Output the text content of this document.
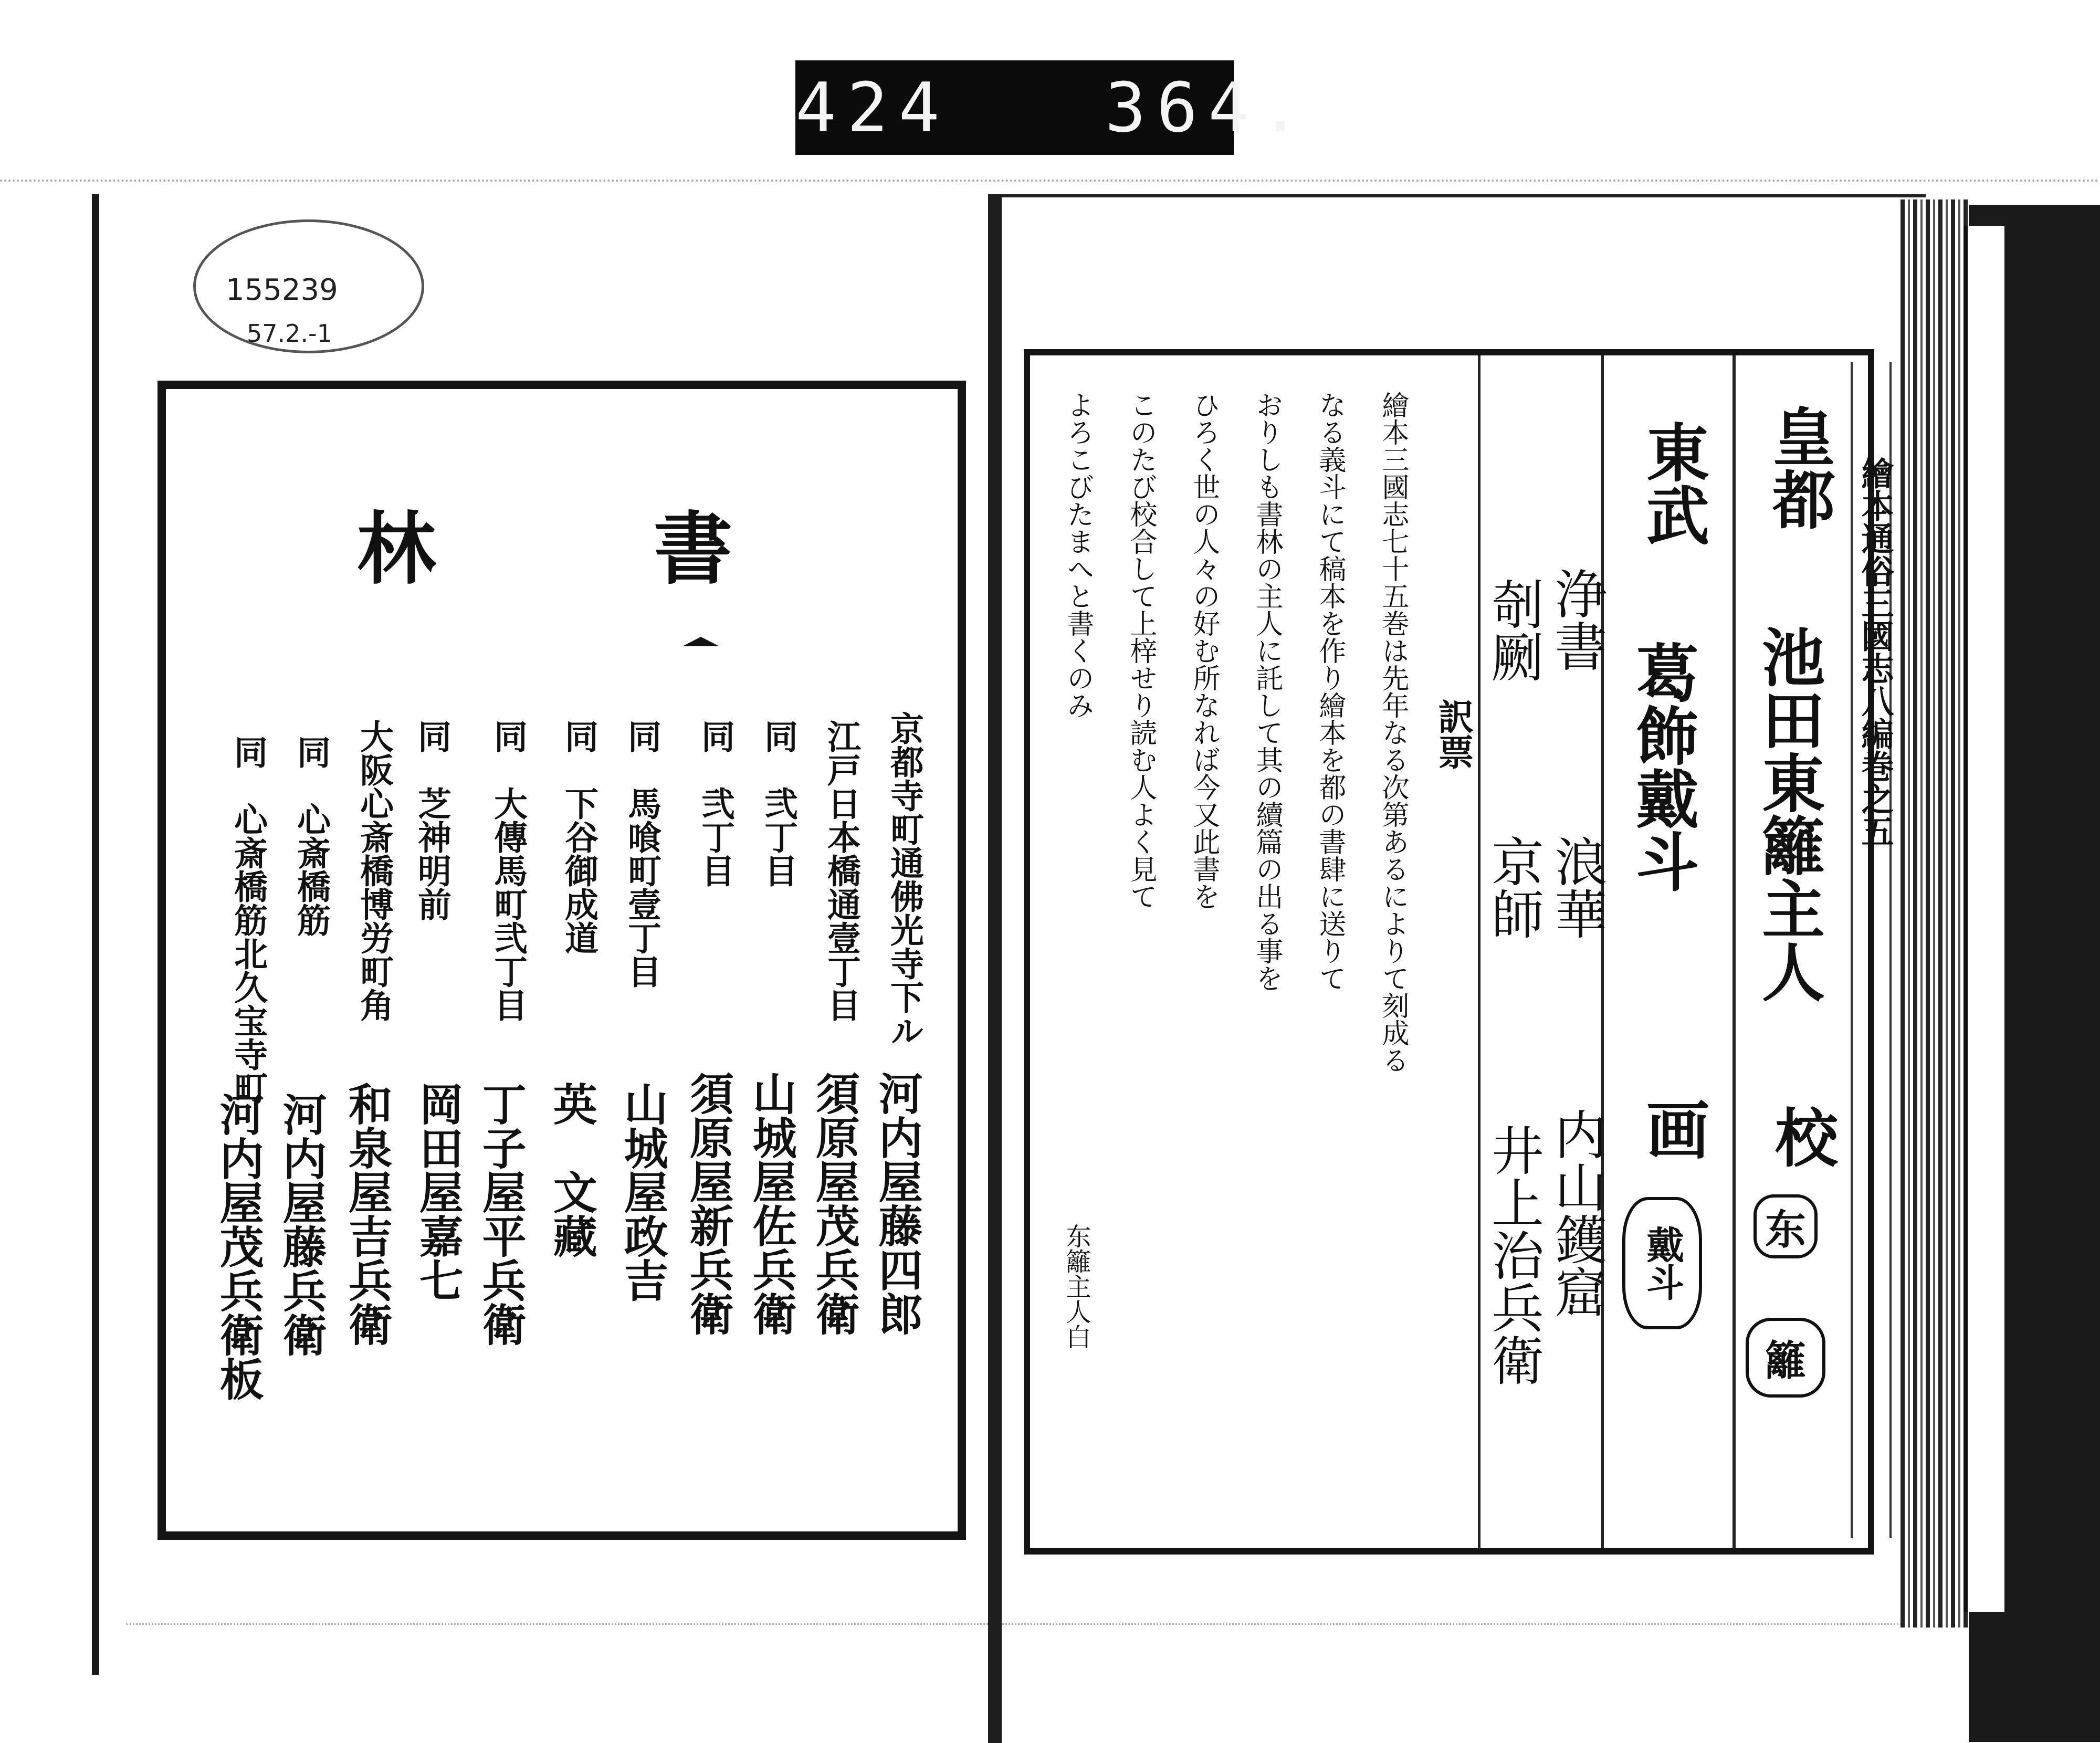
424   364.
155239
57.2.-1
書
林
京都寺町通佛光寺下ル
河内屋藤四郎
江戸日本橋通壹丁目
須原屋茂兵衛
同　弐丁目
山城屋佐兵衛
同　弐丁目
須原屋新兵衛
同　馬喰町壹丁目
山城屋政吉
同　下谷御成道
英　文藏
同　大傳馬町弐丁目
丁子屋平兵衛
同　芝神明前
岡田屋嘉七
大阪心斎橋博労町角
和泉屋吉兵衛
同　心斎橋筋
河内屋藤兵衛
同　心斎橋筋北久宝寺町
河内屋茂兵衛板
繪本通俗三國志八編巻之五
皇都
池田東籬主人
校
东
籬
東武
葛飾戴斗
画
戴斗
浄書
浪華
内山鑊窟
剞劂
京師
井上治兵衛
訳票
繪本三國志七十五巻は先年なる次第あるによりて刻成る
なる義斗にて稿本を作り繪本を都の書肆に送りて
おりしも書林の主人に託して其の續篇の出る事を
ひろく世の人々の好む所なれば今又此書を
このたび校合して上梓せり読む人よく見て
よろこびたまへと書くのみ
东籬主人白
